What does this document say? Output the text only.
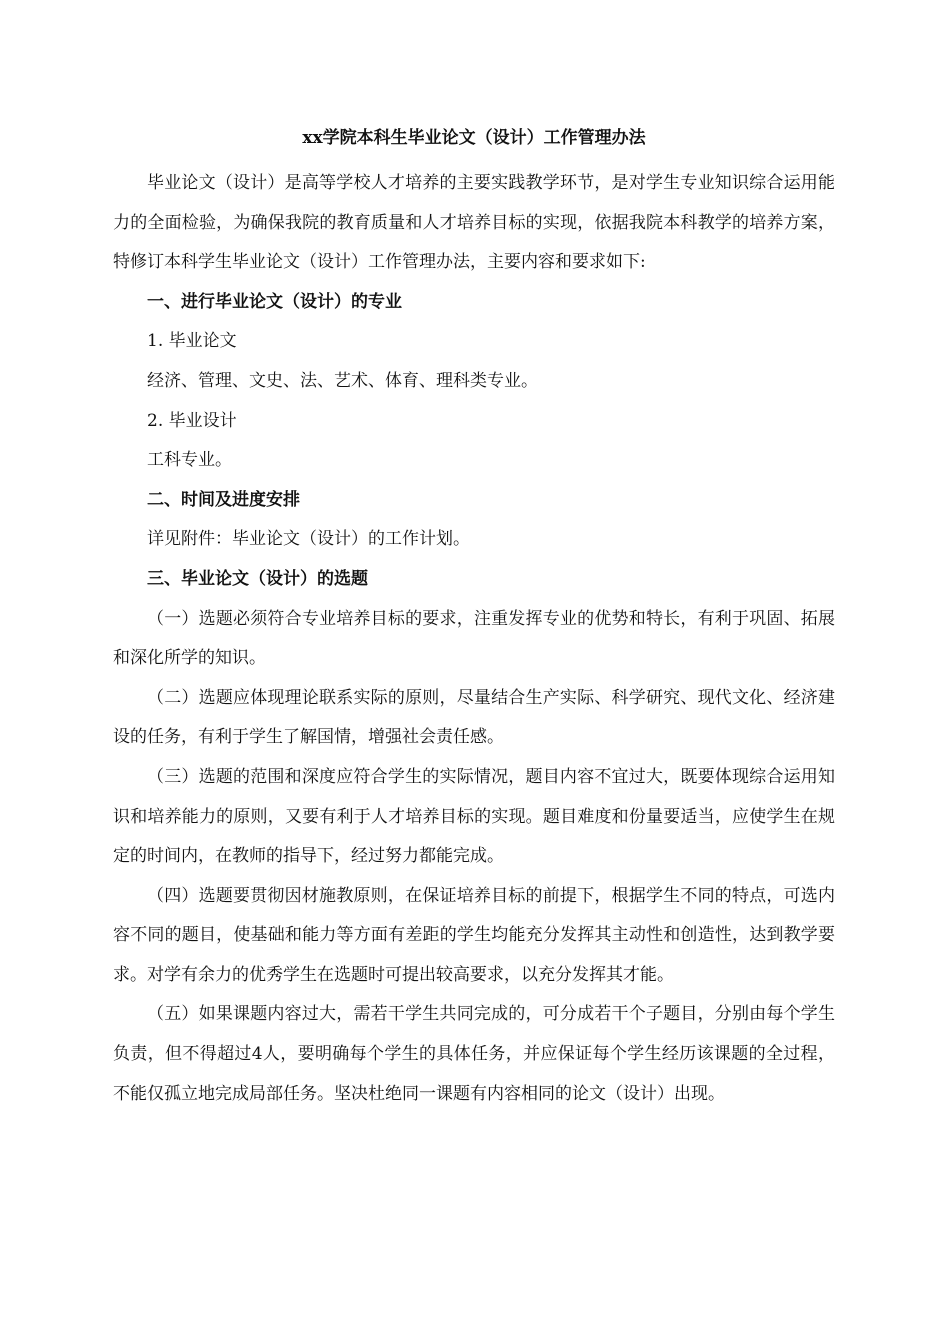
xx学院本科生毕业论文（设计）工作管理办法

毕业论文（设计）是高等学校人才培养的主要实践教学环节，是对学生专业知识综合运用能力的全面检验，为确保我院的教育质量和人才培养目标的实现，依据我院本科教学的培养方案，特修订本科学生毕业论文（设计）工作管理办法，主要内容和要求如下:

一、进行毕业论文（设计）的专业

1. 毕业论文

经济、管理、文史、法、艺术、体育、理科类专业。

2. 毕业设计

工科专业。

二、时间及进度安排

详见附件：毕业论文（设计）的工作计划。

三、毕业论文（设计）的选题

（一）选题必须符合专业培养目标的要求，注重发挥专业的优势和特长，有利于巩固、拓展和深化所学的知识。

（二）选题应体现理论联系实际的原则，尽量结合生产实际、科学研究、现代文化、经济建设的任务，有利于学生了解国情，增强社会责任感。

（三）选题的范围和深度应符合学生的实际情况，题目内容不宜过大，既要体现综合运用知识和培养能力的原则，又要有利于人才培养目标的实现。题目难度和份量要适当，应使学生在规定的时间内，在教师的指导下，经过努力都能完成。

（四）选题要贯彻因材施教原则，在保证培养目标的前提下，根据学生不同的特点，可选内容不同的题目，使基础和能力等方面有差距的学生均能充分发挥其主动性和创造性，达到教学要求。对学有余力的优秀学生在选题时可提出较高要求，以充分发挥其才能。

（五）如果课题内容过大，需若干学生共同完成的，可分成若干个子题目，分别由每个学生负责，但不得超过4人，要明确每个学生的具体任务，并应保证每个学生经历该课题的全过程，不能仅孤立地完成局部任务。坚决杜绝同一课题有内容相同的论文（设计）出现。
